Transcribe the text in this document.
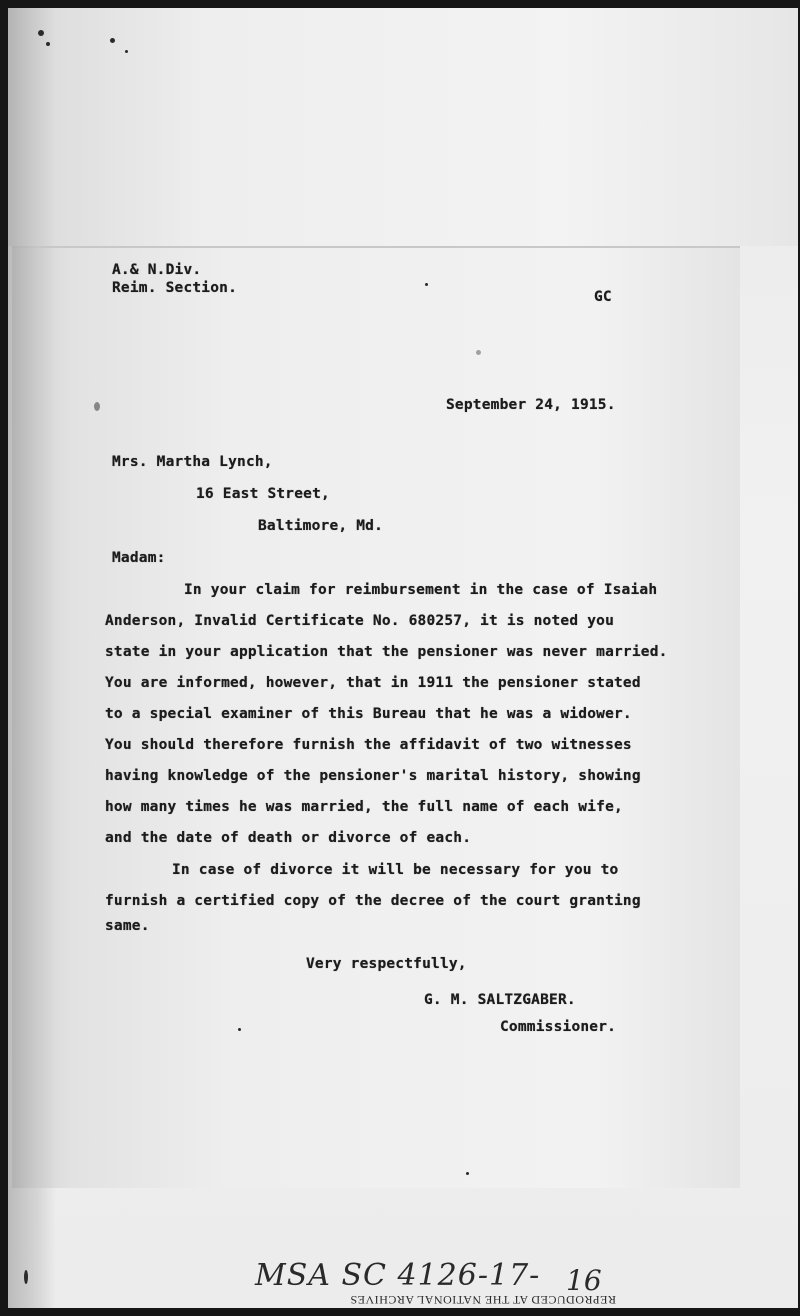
A.& N.Div.
Reim. Section.
GC
September 24, 1915.
Mrs. Martha Lynch,
16 East Street,
Baltimore, Md.
Madam:
In your claim for reimbursement in the case of Isaiah
Anderson, Invalid Certificate No. 680257, it is noted you
state in your application that the pensioner was never married.
You are informed, however, that in 1911 the pensioner stated
to a special examiner of this Bureau that he was a widower.
You should therefore furnish the affidavit of two witnesses
having knowledge of the pensioner's marital history, showing
how many times he was married, the full name of each wife,
and the date of death or divorce of each.
In case of divorce it will be necessary for you to
furnish a certified copy of the decree of the court granting
same.
Very respectfully,
G. M. SALTZGABER.
Commissioner.
MSA SC 4126-17- 16
REPRODUCED AT THE NATIONAL ARCHIVES
